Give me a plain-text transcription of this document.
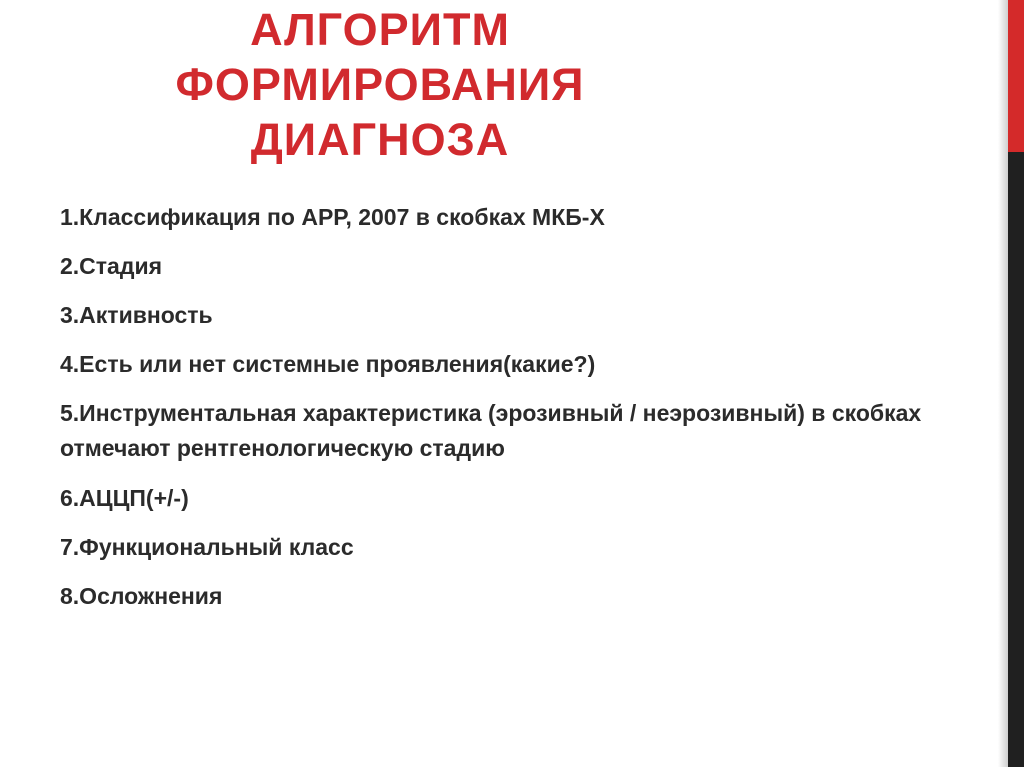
АЛГОРИТМ
ФОРМИРОВАНИЯ
ДИАГНОЗА
1.Классификация по АРР, 2007 в скобках МКБ-Х
2.Стадия
3.Активность
4.Есть или нет системные проявления(какие?)
5.Инструментальная характеристика (эрозивный / неэрозивный) в скобках отмечают рентгенологическую стадию
6.АЦЦП(+/-)
7.Функциональный класс
8.Осложнения
